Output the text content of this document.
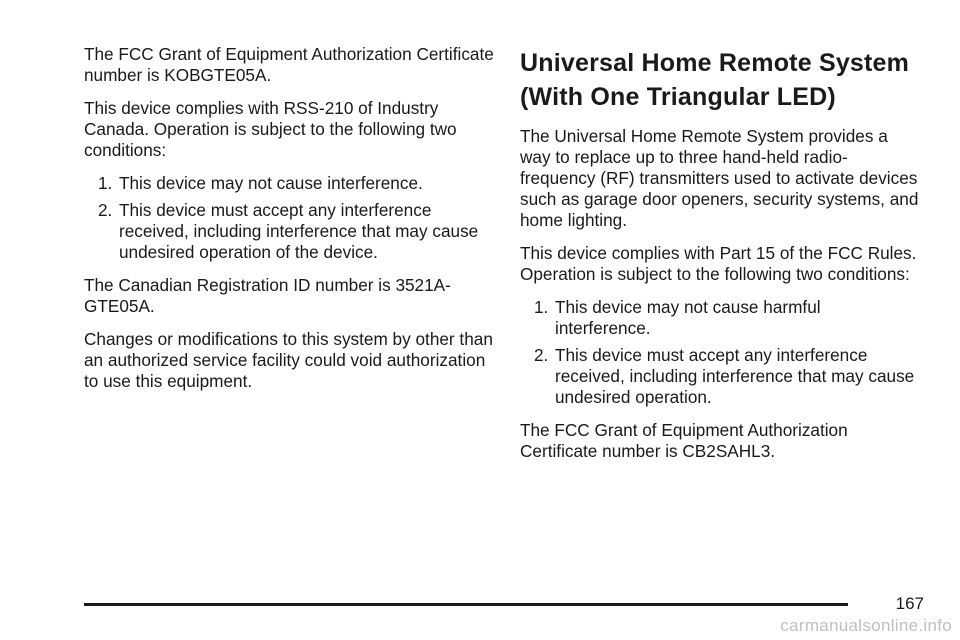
The FCC Grant of Equipment Authorization Certificate number is KOBGTE05A.

This device complies with RSS-210 of Industry Canada. Operation is subject to the following two conditions:

1. This device may not cause interference.
2. This device must accept any interference received, including interference that may cause undesired operation of the device.

The Canadian Registration ID number is 3521A-GTE05A.

Changes or modifications to this system by other than an authorized service facility could void authorization to use this equipment.

Universal Home Remote System (With One Triangular LED)

The Universal Home Remote System provides a way to replace up to three hand-held radio-frequency (RF) transmitters used to activate devices such as garage door openers, security systems, and home lighting.

This device complies with Part 15 of the FCC Rules. Operation is subject to the following two conditions:

1. This device may not cause harmful interference.
2. This device must accept any interference received, including interference that may cause undesired operation.

The FCC Grant of Equipment Authorization Certificate number is CB2SAHL3.

167
carmanualsonline.info
